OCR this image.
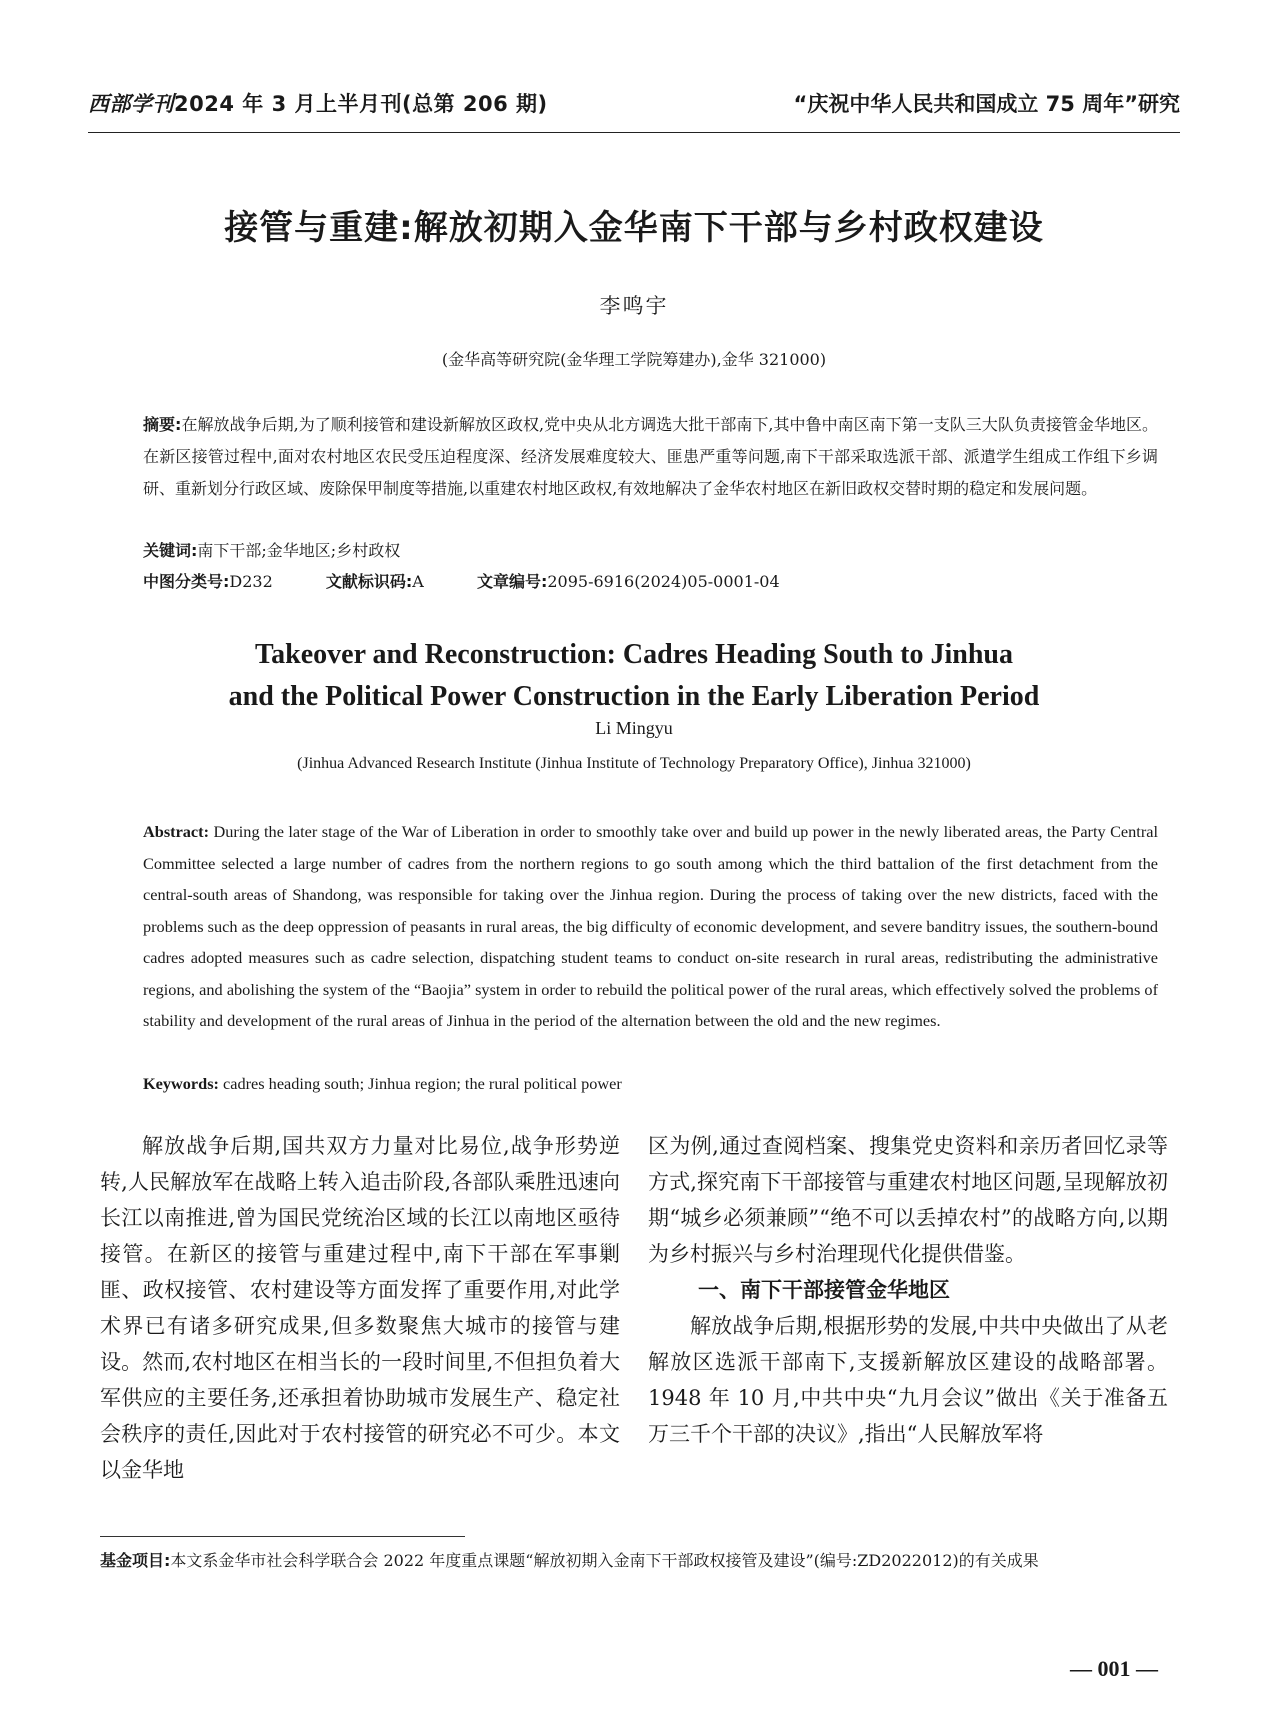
西部学刊2024 年 3 月上半月刊(总第 206 期)	“庆祝中华人民共和国成立 75 周年”研究
接管与重建:解放初期入金华南下干部与乡村政权建设
李鸣宇
(金华高等研究院(金华理工学院筹建办),金华 321000)
摘要:在解放战争后期,为了顺利接管和建设新解放区政权,党中央从北方调选大批干部南下,其中鲁中南区南下第一支队三大队负责接管金华地区。在新区接管过程中,面对农村地区农民受压迫程度深、经济发展难度较大、匪患严重等问题,南下干部采取选派干部、派遣学生组成工作组下乡调研、重新划分行政区域、废除保甲制度等措施,以重建农村地区政权,有效地解决了金华农村地区在新旧政权交替时期的稳定和发展问题。
关键词:南下干部;金华地区;乡村政权
中图分类号:D232	文献标识码:A	文章编号:2095-6916(2024)05-0001-04
Takeover and Reconstruction: Cadres Heading South to Jinhua
and the Political Power Construction in the Early Liberation Period
Li Mingyu
(Jinhua Advanced Research Institute (Jinhua Institute of Technology Preparatory Office), Jinhua 321000)
Abstract: During the later stage of the War of Liberation in order to smoothly take over and build up power in the newly liberated areas, the Party Central Committee selected a large number of cadres from the northern regions to go south among which the third battalion of the first detachment from the central-south areas of Shandong, was responsible for taking over the Jinhua region. During the process of taking over the new districts, faced with the problems such as the deep oppression of peasants in rural areas, the big difficulty of economic development, and severe banditry issues, the southern-bound cadres adopted measures such as cadre selection, dispatching student teams to conduct on-site research in rural areas, redistributing the administrative regions, and abolishing the system of the “Baojia” system in order to rebuild the political power of the rural areas, which effectively solved the problems of stability and development of the rural areas of Jinhua in the period of the alternation between the old and the new regimes.
Keywords: cadres heading south; Jinhua region; the rural political power
解放战争后期,国共双方力量对比易位,战争形势逆转,人民解放军在战略上转入追击阶段,各部队乘胜迅速向长江以南推进,曾为国民党统治区域的长江以南地区亟待接管。在新区的接管与重建过程中,南下干部在军事剿匪、政权接管、农村建设等方面发挥了重要作用,对此学术界已有诸多研究成果,但多数聚焦大城市的接管与建设。然而,农村地区在相当长的一段时间里,不但担负着大军供应的主要任务,还承担着协助城市发展生产、稳定社会秩序的责任,因此对于农村接管的研究必不可少。本文以金华地

区为例,通过查阅档案、搜集党史资料和亲历者回忆录等方式,探究南下干部接管与重建农村地区问题,呈现解放初期“城乡必须兼顾”“绝不可以丢掉农村”的战略方向,以期为乡村振兴与乡村治理现代化提供借鉴。

一、南下干部接管金华地区

解放战争后期,根据形势的发展,中共中央做出了从老解放区选派干部南下,支援新解放区建设的战略部署。1948 年 10 月,中共中央“九月会议”做出《关于准备五万三千个干部的决议》,指出“人民解放军将

基金项目:本文系金华市社会科学联合会 2022 年度重点课题“解放初期入金南下干部政权接管及建设”(编号:ZD2022012)的有关成果
— 001 —
